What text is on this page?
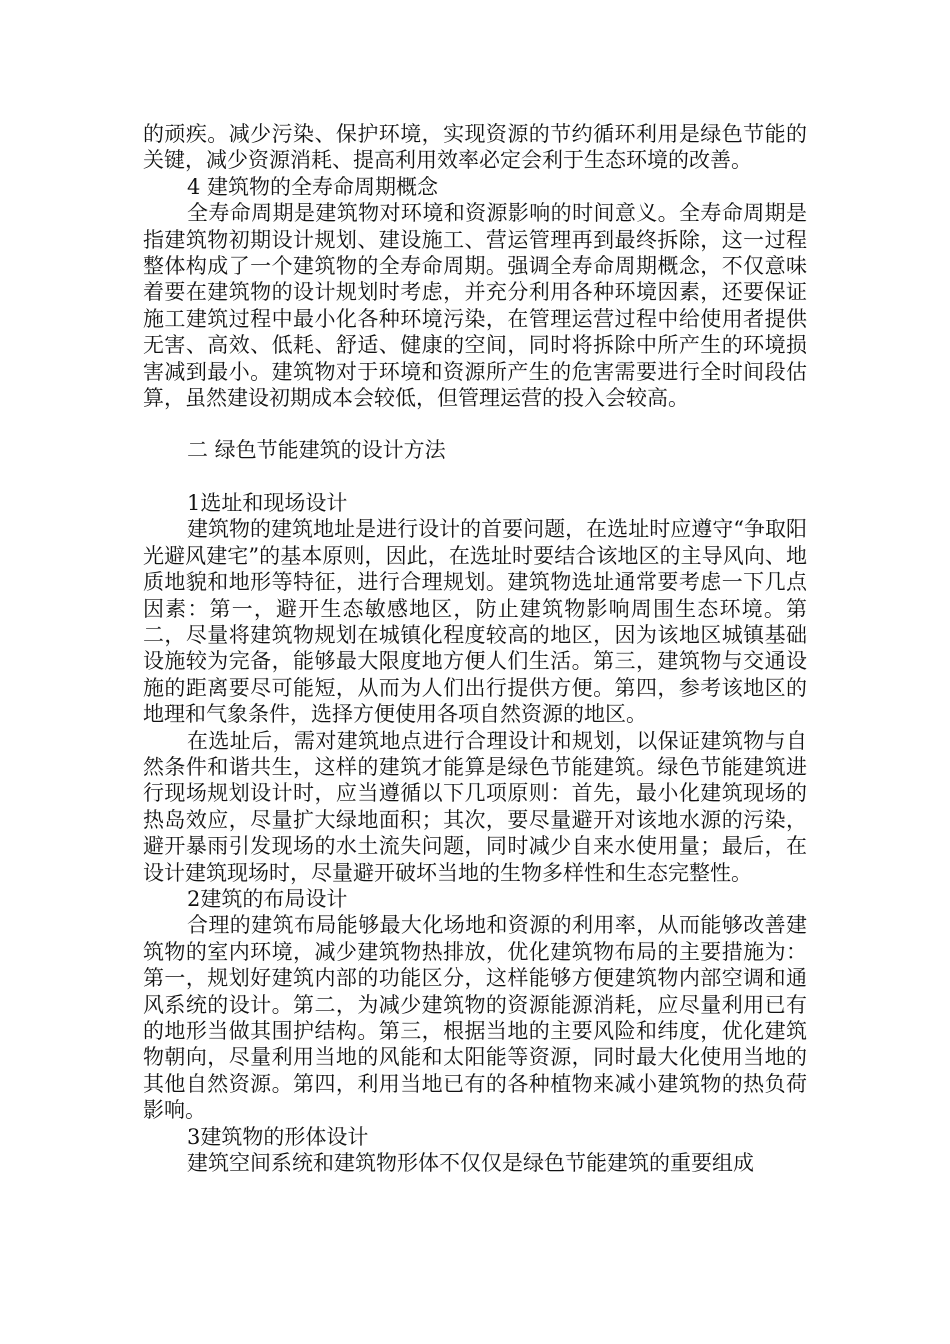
的顽疾。减少污染、保护环境，实现资源的节约循环利用是绿色节能的关键，减少资源消耗、提高利用效率必定会利于生态环境的改善。

4 建筑物的全寿命周期概念

全寿命周期是建筑物对环境和资源影响的时间意义。全寿命周期是指建筑物初期设计规划、建设施工、营运管理再到最终拆除，这一过程整体构成了一个建筑物的全寿命周期。强调全寿命周期概念，不仅意味着要在建筑物的设计规划时考虑，并充分利用各种环境因素，还要保证施工建筑过程中最小化各种环境污染，在管理运营过程中给使用者提供无害、高效、低耗、舒适、健康的空间，同时将拆除中所产生的环境损害减到最小。建筑物对于环境和资源所产生的危害需要进行全时间段估算，虽然建设初期成本会较低，但管理运营的投入会较高。

二 绿色节能建筑的设计方法

1选址和现场设计

建筑物的建筑地址是进行设计的首要问题，在选址时应遵守“争取阳光避风建宅”的基本原则，因此，在选址时要结合该地区的主导风向、地质地貌和地形等特征，进行合理规划。建筑物选址通常要考虑一下几点因素：第一，避开生态敏感地区，防止建筑物影响周围生态环境。第二，尽量将建筑物规划在城镇化程度较高的地区，因为该地区城镇基础设施较为完备，能够最大限度地方便人们生活。第三，建筑物与交通设施的距离要尽可能短，从而为人们出行提供方便。第四，参考该地区的地理和气象条件，选择方便使用各项自然资源的地区。

在选址后，需对建筑地点进行合理设计和规划，以保证建筑物与自然条件和谐共生，这样的建筑才能算是绿色节能建筑。绿色节能建筑进行现场规划设计时，应当遵循以下几项原则：首先，最小化建筑现场的热岛效应，尽量扩大绿地面积；其次，要尽量避开对该地水源的污染，避开暴雨引发现场的水土流失问题，同时减少自来水使用量；最后，在设计建筑现场时，尽量避开破坏当地的生物多样性和生态完整性。

2建筑的布局设计

合理的建筑布局能够最大化场地和资源的利用率，从而能够改善建筑物的室内环境，减少建筑物热排放，优化建筑物布局的主要措施为：第一，规划好建筑内部的功能区分，这样能够方便建筑物内部空调和通风系统的设计。第二，为减少建筑物的资源能源消耗，应尽量利用已有的地形当做其围护结构。第三，根据当地的主要风险和纬度，优化建筑物朝向，尽量利用当地的风能和太阳能等资源，同时最大化使用当地的其他自然资源。第四，利用当地已有的各种植物来减小建筑物的热负荷影响。

3建筑物的形体设计

建筑空间系统和建筑物形体不仅仅是绿色节能建筑的重要组成
